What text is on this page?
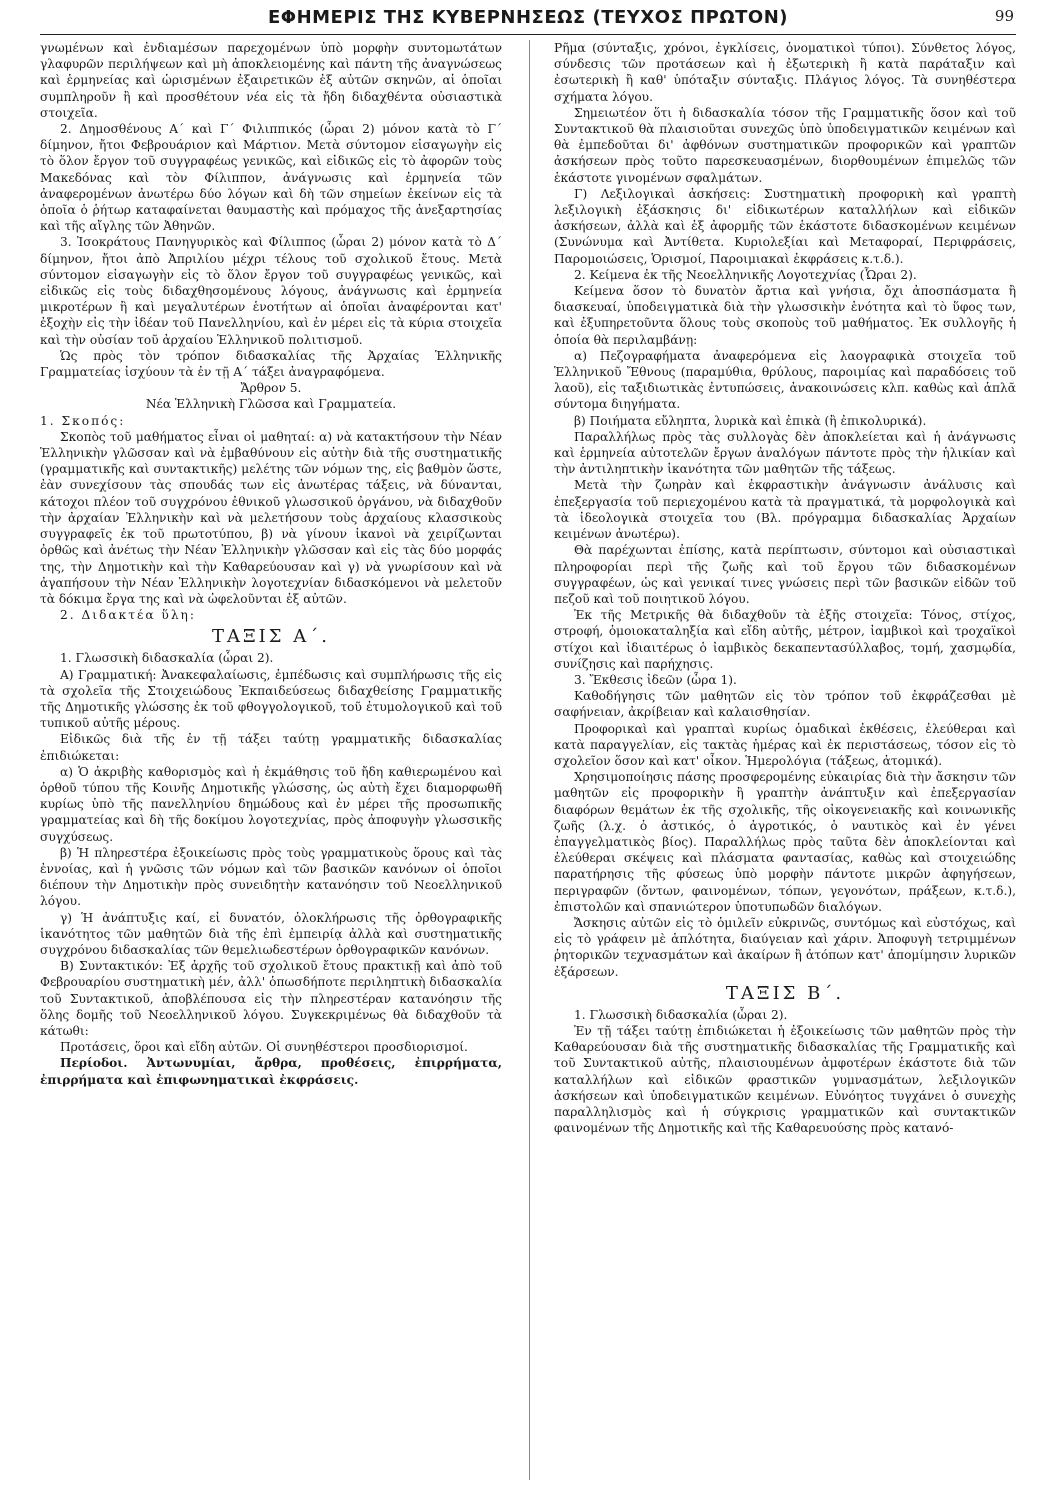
ΕΦΗΜΕΡΙΣ ΤΗΣ ΚΥΒΕΡΝΗΣΕΩΣ (ΤΕΥΧΟΣ ΠΡΩΤΟΝ)	99

γνωμένων καὶ ἐνδιαμέσων παρεχομένων ὑπὸ μορφὴν συντομωτάτων γλαφυρῶν περιλήψεων καὶ μὴ ἀποκλειομένης καὶ πάντη τῆς ἀναγνώσεως καὶ ἑρμηνείας καὶ ὡρισμένων ἐξαιρετικῶν ἐξ αὐτῶν σκηνῶν, αἱ ὁποῖαι συμπληροῦν ἢ καὶ προσθέτουν νέα εἰς τὰ ἤδη διδαχθέντα οὐσιαστικὰ στοιχεῖα.

2. Δημοσθένους Α΄ καὶ Γ΄ Φιλιππικός (ὧραι 2) μόνον κατὰ τὸ Γ΄ δίμηνον, ἤτοι Φεβρουάριον καὶ Μάρτιον. Μετὰ σύντομον εἰσαγωγὴν εἰς τὸ ὅλον ἔργον τοῦ συγγραφέως γενικῶς, καὶ εἰδικῶς εἰς τὸ ἀφορῶν τοὺς Μακεδόνας καὶ τὸν Φίλιππον, ἀνάγνωσις καὶ ἑρμηνεία τῶν ἀναφερομένων ἀνωτέρω δύο λόγων καὶ δὴ τῶν σημείων ἐκείνων εἰς τὰ ὁποῖα ὁ ῥήτωρ καταφαίνεται θαυμαστὴς καὶ πρόμαχος τῆς ἀνεξαρτησίας καὶ τῆς αἴγλης τῶν Ἀθηνῶν.

3. Ἰσοκράτους Πανηγυρικὸς καὶ Φίλιππος (ὧραι 2) μόνον κατὰ τὸ Δ΄ δίμηνον, ἤτοι ἀπὸ Ἀπριλίου μέχρι τέλους τοῦ σχολικοῦ ἔτους. Μετὰ σύντομον εἰσαγωγὴν εἰς τὸ ὅλον ἔργον τοῦ συγγραφέως γενικῶς, καὶ εἰδικῶς εἰς τοὺς διδαχθησομένους λόγους, ἀνάγνωσις καὶ ἑρμηνεία μικροτέρων ἢ καὶ μεγαλυτέρων ἑνοτήτων αἱ ὁποῖαι ἀναφέρονται κατ' ἐξοχὴν εἰς τὴν ἰδέαν τοῦ Πανελληνίου, καὶ ἐν μέρει εἰς τὰ κύρια στοιχεῖα καὶ τὴν οὐσίαν τοῦ ἀρχαίου Ἑλληνικοῦ πολιτισμοῦ.

Ὡς πρὸς τὸν τρόπον διδασκαλίας τῆς Ἀρχαίας Ἑλληνικῆς Γραμματείας ἰσχύουν τὰ ἐν τῇ Α΄ τάξει ἀναγραφόμενα.

Ἄρθρον 5.

Νέα Ἑλληνικὴ Γλῶσσα καὶ Γραμματεία.

1. Σκοπός:

Σκοπὸς τοῦ μαθήματος εἶναι οἱ μαθηταί: α) νὰ κατακτήσουν τὴν Νέαν Ἑλληνικὴν γλῶσσαν καὶ νὰ ἐμβαθύνουν εἰς αὐτὴν διὰ τῆς συστηματικῆς (γραμματικῆς καὶ συντακτικῆς) μελέτης τῶν νόμων της, εἰς βαθμὸν ὥστε, ἐὰν συνεχίσουν τὰς σπουδάς των εἰς ἀνωτέρας τάξεις, νὰ δύνανται, κάτοχοι πλέον τοῦ συγχρόνου ἐθνικοῦ γλωσσικοῦ ὀργάνου, νὰ διδαχθοῦν τὴν ἀρχαίαν Ἑλληνικὴν καὶ νὰ μελετήσουν τοὺς ἀρχαίους κλασσικοὺς συγγραφεῖς ἐκ τοῦ πρωτοτύπου, β) νὰ γίνουν ἱκανοὶ νὰ χειρίζωνται ὀρθῶς καὶ ἀνέτως τὴν Νέαν Ἑλληνικὴν γλῶσσαν καὶ εἰς τὰς δύο μορφάς της, τὴν Δημοτικὴν καὶ τὴν Καθαρεύουσαν καὶ γ) νὰ γνωρίσουν καὶ νὰ ἀγαπήσουν τὴν Νέαν Ἑλληνικὴν λογοτεχνίαν διδασκόμενοι νὰ μελετοῦν τὰ δόκιμα ἔργα της καὶ νὰ ὠφελοῦνται ἐξ αὐτῶν.

2. Διδακτέα ὕλη:

ΤΑΞΙΣ Α΄.

1. Γλωσσικὴ διδασκαλία (ὧραι 2).

Α) Γραμματική: Ἀνακεφαλαίωσις, ἐμπέδωσις καὶ συμπλήρωσις τῆς εἰς τὰ σχολεῖα τῆς Στοιχειώδους Ἐκπαιδεύσεως διδαχθείσης Γραμματικῆς τῆς Δημοτικῆς γλώσσης ἐκ τοῦ φθογγολογικοῦ, τοῦ ἐτυμολογικοῦ καὶ τοῦ τυπικοῦ αὐτῆς μέρους.

Εἰδικῶς διὰ τῆς ἐν τῇ τάξει ταύτῃ γραμματικῆς διδασκαλίας ἐπιδιώκεται:

α) Ὁ ἀκριβὴς καθορισμὸς καὶ ἡ ἐκμάθησις τοῦ ἤδη καθιερωμένου καὶ ὀρθοῦ τύπου τῆς Κοινῆς Δημοτικῆς γλώσσης, ὡς αὐτὴ ἔχει διαμορφωθῆ κυρίως ὑπὸ τῆς πανελληνίου δημώδους καὶ ἐν μέρει τῆς προσωπικῆς γραμματείας καὶ δὴ τῆς δοκίμου λογοτεχνίας, πρὸς ἀποφυγὴν γλωσσικῆς συγχύσεως.

β) Ἡ πληρεστέρα ἐξοικείωσις πρὸς τοὺς γραμματικοὺς ὅρους καὶ τὰς ἐννοίας, καὶ ἡ γνῶσις τῶν νόμων καὶ τῶν βασικῶν κανόνων οἱ ὁποῖοι διέπουν τὴν Δημοτικὴν πρὸς συνειδητὴν κατανόησιν τοῦ Νεοελληνικοῦ λόγου.

γ) Ἡ ἀνάπτυξις καί, εἰ δυνατόν, ὁλοκλήρωσις τῆς ὀρθογραφικῆς ἱκανότητος τῶν μαθητῶν διὰ τῆς ἐπὶ ἐμπειρίᾳ ἀλλὰ καὶ συστηματικῆς συγχρόνου διδασκαλίας τῶν θεμελιωδεστέρων ὀρθογραφικῶν κανόνων.

Β) Συντακτικόν: Ἐξ ἀρχῆς τοῦ σχολικοῦ ἔτους πρακτικῇ καὶ ἀπὸ τοῦ Φεβρουαρίου συστηματικὴ μέν, ἀλλ' ὁπωσδήποτε περιληπτικὴ διδασκαλία τοῦ Συντακτικοῦ, ἀποβλέπουσα εἰς τὴν πληρεστέραν κατανόησιν τῆς ὅλης δομῆς τοῦ Νεοελληνικοῦ λόγου. Συγκεκριμένως θὰ διδαχθοῦν τὰ κάτωθι:

Προτάσεις, ὅροι καὶ εἴδη αὐτῶν. Οἱ συνηθέστεροι προσδιορισμοί.

Περίοδοι. Ἀντωνυμίαι, ἄρθρα, προθέσεις, ἐπιρρήματα, ἐπιρρήματα καὶ ἐπιφωνηματικαὶ ἐκφράσεις.

Ρῆμα (σύνταξις, χρόνοι, ἐγκλίσεις, ὀνοματικοὶ τύποι). Σύνθετος λόγος, σύνδεσις τῶν προτάσεων καὶ ἡ ἐξωτερικὴ ἢ κατὰ παράταξιν καὶ ἐσωτερικὴ ἢ καθ' ὑπόταξιν σύνταξις. Πλάγιος λόγος. Τὰ συνηθέστερα σχήματα λόγου.

Σημειωτέον ὅτι ἡ διδασκαλία τόσον τῆς Γραμματικῆς ὅσον καὶ τοῦ Συντακτικοῦ θὰ πλαισιοῦται συνεχῶς ὑπὸ ὑποδειγματικῶν κειμένων καὶ θὰ ἐμπεδοῦται δι' ἀφθόνων συστηματικῶν προφορικῶν καὶ γραπτῶν ἀσκήσεων πρὸς τοῦτο παρεσκευασμένων, διορθουμένων ἐπιμελῶς τῶν ἑκάστοτε γινομένων σφαλμάτων.

Γ) Λεξιλογικαὶ ἀσκήσεις: Συστηματικὴ προφορικὴ καὶ γραπτὴ λεξιλογικὴ ἐξάσκησις δι' εἰδικωτέρων καταλλήλων καὶ εἰδικῶν ἀσκήσεων, ἀλλὰ καὶ ἐξ ἀφορμῆς τῶν ἑκάστοτε διδασκομένων κειμένων (Συνώνυμα καὶ Ἀντίθετα. Κυριολεξίαι καὶ Μεταφοραί, Περιφράσεις, Παρομοιώσεις, Ὁρισμοί, Παροιμιακαὶ ἐκφράσεις κ.τ.δ.).

2. Κείμενα ἐκ τῆς Νεοελληνικῆς Λογοτεχνίας (Ὧραι 2).

Κείμενα ὅσον τὸ δυνατὸν ἄρτια καὶ γνήσια, ὄχι ἀποσπάσματα ἢ διασκευαί, ὑποδειγματικὰ διὰ τὴν γλωσσικὴν ἑνότητα καὶ τὸ ὕφος των, καὶ ἐξυπηρετοῦντα ὅλους τοὺς σκοποὺς τοῦ μαθήματος. Ἐκ συλλογῆς ἡ ὁποία θὰ περιλαμβάνῃ:

α) Πεζογραφήματα ἀναφερόμενα εἰς λαογραφικὰ στοιχεῖα τοῦ Ἑλληνικοῦ Ἔθνους (παραμύθια, θρύλους, παροιμίας καὶ παραδόσεις τοῦ λαοῦ), εἰς ταξιδιωτικὰς ἐντυπώσεις, ἀνακοινώσεις κλπ. καθὼς καὶ ἁπλᾶ σύντομα διηγήματα.

β) Ποιήματα εὔληπτα, λυρικὰ καὶ ἐπικὰ (ἢ ἐπικολυρικά).

Παραλλήλως πρὸς τὰς συλλογὰς δὲν ἀποκλείεται καὶ ἡ ἀνάγνωσις καὶ ἑρμηνεία αὐτοτελῶν ἔργων ἀναλόγων πάντοτε πρὸς τὴν ἡλικίαν καὶ τὴν ἀντιληπτικὴν ἱκανότητα τῶν μαθητῶν τῆς τάξεως.

Μετὰ τὴν ζωηρὰν καὶ ἐκφραστικὴν ἀνάγνωσιν ἀνάλυσις καὶ ἐπεξεργασία τοῦ περιεχομένου κατὰ τὰ πραγματικά, τὰ μορφολογικὰ καὶ τὰ ἰδεολογικὰ στοιχεῖα του (Βλ. πρόγραμμα διδασκαλίας Ἀρχαίων κειμένων ἀνωτέρω).

Θὰ παρέχωνται ἐπίσης, κατὰ περίπτωσιν, σύντομοι καὶ οὐσιαστικαὶ πληροφορίαι περὶ τῆς ζωῆς καὶ τοῦ ἔργου τῶν διδασκομένων συγγραφέων, ὡς καὶ γενικαί τινες γνώσεις περὶ τῶν βασικῶν εἰδῶν τοῦ πεζοῦ καὶ τοῦ ποιητικοῦ λόγου.

Ἐκ τῆς Μετρικῆς θὰ διδαχθοῦν τὰ ἑξῆς στοιχεῖα: Τόνος, στίχος, στροφή, ὁμοιοκαταληξία καὶ εἴδη αὐτῆς, μέτρον, ἰαμβικοὶ καὶ τροχαϊκοὶ στίχοι καὶ ἰδιαιτέρως ὁ ἰαμβικὸς δεκαπεντασύλλαβος, τομή, χασμῳδία, συνίζησις καὶ παρήχησις.

3. Ἔκθεσις ἰδεῶν (ὧρα 1).

Καθοδήγησις τῶν μαθητῶν εἰς τὸν τρόπον τοῦ ἐκφράζεσθαι μὲ σαφήνειαν, ἀκρίβειαν καὶ καλαισθησίαν.

Προφορικαὶ καὶ γραπταὶ κυρίως ὁμαδικαὶ ἐκθέσεις, ἐλεύθεραι καὶ κατὰ παραγγελίαν, εἰς τακτὰς ἡμέρας καὶ ἐκ περιστάσεως, τόσον εἰς τὸ σχολεῖον ὅσον καὶ κατ' οἶκον. Ἡμερολόγια (τάξεως, ἀτομικά).

Χρησιμοποίησις πάσης προσφερομένης εὐκαιρίας διὰ τὴν ἄσκησιν τῶν μαθητῶν εἰς προφορικὴν ἢ γραπτὴν ἀνάπτυξιν καὶ ἐπεξεργασίαν διαφόρων θεμάτων ἐκ τῆς σχολικῆς, τῆς οἰκογενειακῆς καὶ κοινωνικῆς ζωῆς (λ.χ. ὁ ἀστικός, ὁ ἀγροτικός, ὁ ναυτικὸς καὶ ἐν γένει ἐπαγγελματικὸς βίος). Παραλλήλως πρὸς ταῦτα δὲν ἀποκλείονται καὶ ἐλεύθεραι σκέψεις καὶ πλάσματα φαντασίας, καθὼς καὶ στοιχειώδης παρατήρησις τῆς φύσεως ὑπὸ μορφὴν πάντοτε μικρῶν ἀφηγήσεων, περιγραφῶν (ὄντων, φαινομένων, τόπων, γεγονότων, πράξεων, κ.τ.δ.), ἐπιστολῶν καὶ σπανιώτερον ὑποτυπωδῶν διαλόγων.

Ἄσκησις αὐτῶν εἰς τὸ ὁμιλεῖν εὐκρινῶς, συντόμως καὶ εὐστόχως, καὶ εἰς τὸ γράφειν μὲ ἁπλότητα, διαύγειαν καὶ χάριν. Ἀποφυγὴ τετριμμένων ῥητορικῶν τεχνασμάτων καὶ ἀκαίρων ἢ ἀτόπων κατ' ἀπομίμησιν λυρικῶν ἐξάρσεων.

ΤΑΞΙΣ Β΄.

1. Γλωσσικὴ διδασκαλία (ὧραι 2).

Ἐν τῇ τάξει ταύτῃ ἐπιδιώκεται ἡ ἐξοικείωσις τῶν μαθητῶν πρὸς τὴν Καθαρεύουσαν διὰ τῆς συστηματικῆς διδασκαλίας τῆς Γραμματικῆς καὶ τοῦ Συντακτικοῦ αὐτῆς, πλαισιουμένων ἀμφοτέρων ἑκάστοτε διὰ τῶν καταλλήλων καὶ εἰδικῶν φραστικῶν γυμνασμάτων, λεξιλογικῶν ἀσκήσεων καὶ ὑποδειγματικῶν κειμένων. Εὐνόητος τυγχάνει ὁ συνεχὴς παραλληλισμὸς καὶ ἡ σύγκρισις γραμματικῶν καὶ συντακτικῶν φαινομένων τῆς Δημοτικῆς καὶ τῆς Καθαρευούσης πρὸς κατανό-
